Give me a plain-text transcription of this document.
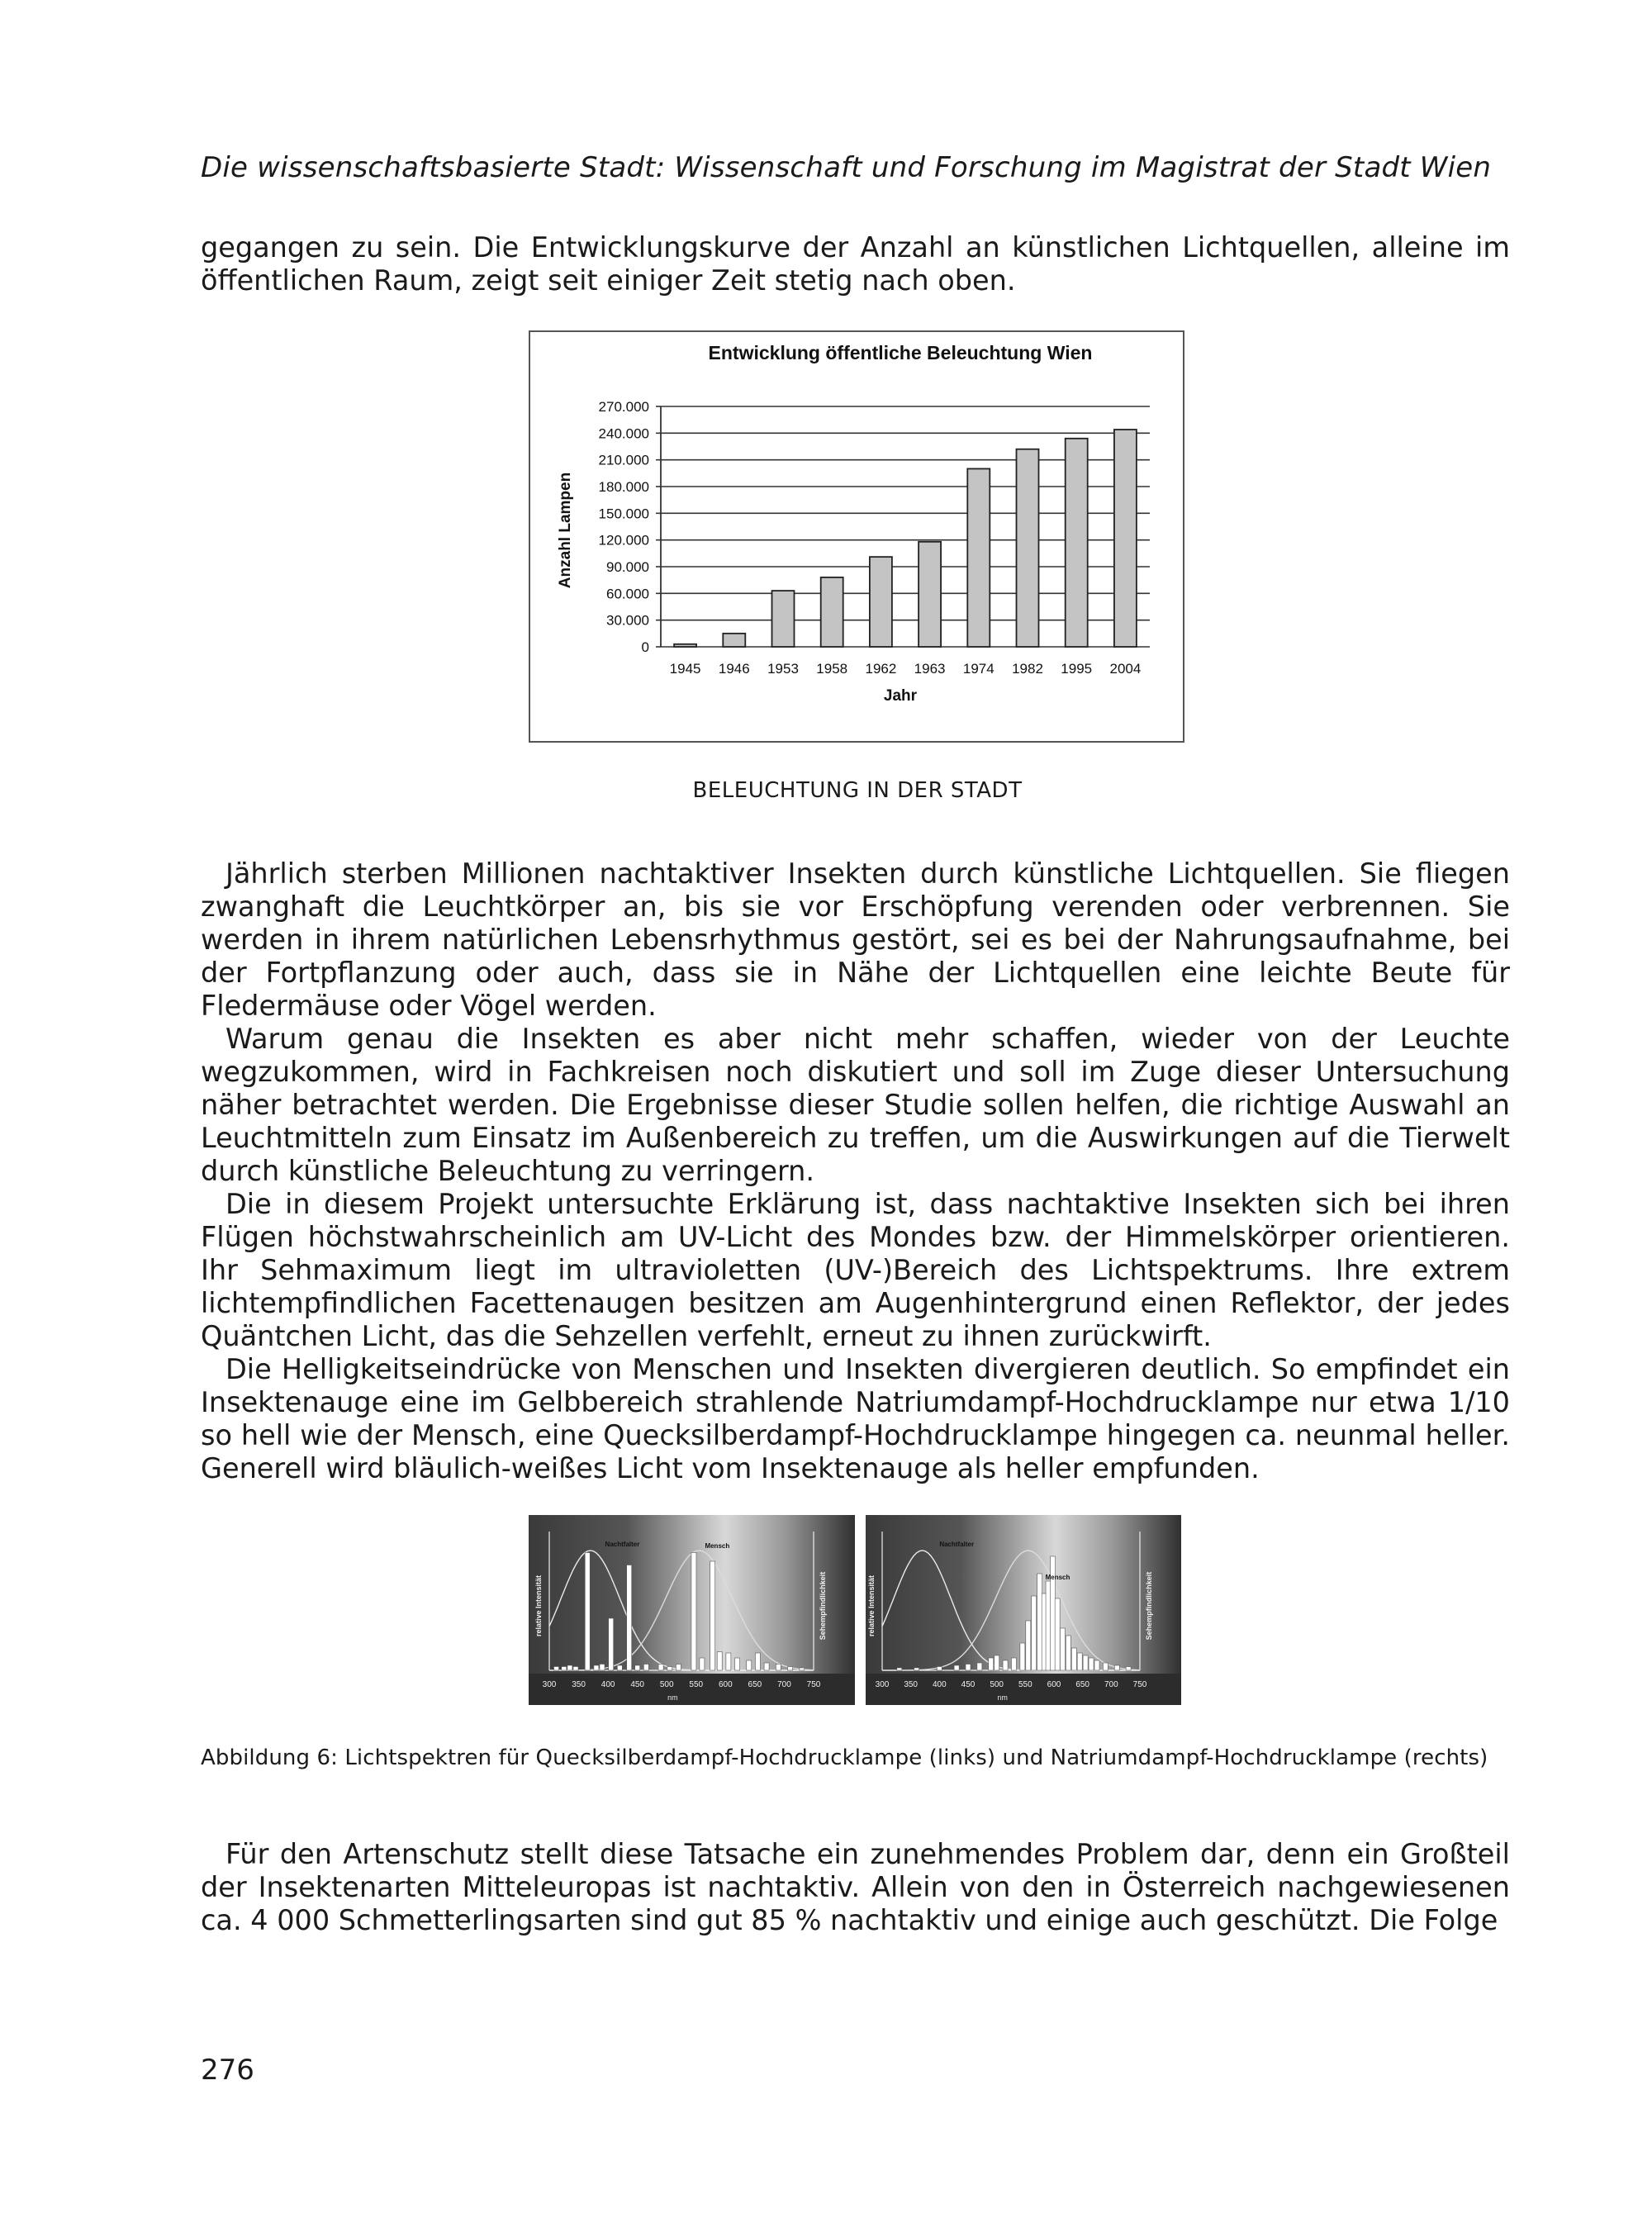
Die wissenschaftsbasierte Stadt: Wissenschaft und Forschung im Magistrat der Stadt Wien

gegangen zu sein. Die Entwicklungskurve der Anzahl an künstlichen Lichtquellen, alleine im öffentlichen Raum, zeigt seit einiger Zeit stetig nach oben.

Entwicklung öffentliche Beleuchtung Wien
0
30.000
60.000
90.000
120.000
150.000
180.000
210.000
240.000
270.000
1945 1946 1953 1958 1962 1963 1974 1982 1995 2004
Jahr
Anzahl Lampen
BELEUCHTUNG IN DER STADT

Jährlich sterben Millionen nachtaktiver Insekten durch künstliche Lichtquellen. Sie fliegen zwanghaft die Leuchtkörper an, bis sie vor Erschöpfung verenden oder verbrennen. Sie werden in ihrem natürlichen Lebensrhythmus gestört, sei es bei der Nahrungsaufnahme, bei der Fortpflanzung oder auch, dass sie in Nähe der Lichtquellen eine leichte Beute für Fledermäuse oder Vögel werden.

Warum genau die Insekten es aber nicht mehr schaffen, wieder von der Leuchte wegzukommen, wird in Fachkreisen noch diskutiert und soll im Zuge dieser Untersuchung näher betrachtet werden. Die Ergebnisse dieser Studie sollen helfen, die richtige Auswahl an Leuchtmitteln zum Einsatz im Außenbereich zu treffen, um die Auswirkungen auf die Tierwelt durch künstliche Beleuchtung zu verringern.

Die in diesem Projekt untersuchte Erklärung ist, dass nachtaktive Insekten sich bei ihren Flügen höchstwahrscheinlich am UV-Licht des Mondes bzw. der Himmelskörper orientieren. Ihr Sehmaximum liegt im ultravioletten (UV-)Bereich des Lichtspektrums. Ihre extrem lichtempfindlichen Facettenaugen besitzen am Augenhintergrund einen Reflektor, der jedes Quäntchen Licht, das die Sehzellen verfehlt, erneut zu ihnen zurückwirft.

Die Helligkeitseindrücke von Menschen und Insekten divergieren deutlich. So empfindet ein Insektenauge eine im Gelbbereich strahlende Natriumdampf-Hochdrucklampe nur etwa 1/10 so hell wie der Mensch, eine Quecksilberdampf-Hochdrucklampe hingegen ca. neunmal heller. Generell wird bläulich-weißes Licht vom Insektenauge als heller empfunden.

300 350 400 450 500 550 600 650 700 750
nm
relative Intensität	Sehempfindlichkeit
Nachtfalter	Mensch
300 350 400 450 500 550 600 650 700 750
nm
relative Intensität	Sehempfindlichkeit
Nachtfalter
Mensch
Abbildung 6: Lichtspektren für Quecksilberdampf-Hochdrucklampe (links) und Natriumdampf-Hochdrucklampe (rechts)

Für den Artenschutz stellt diese Tatsache ein zunehmendes Problem dar, denn ein Großteil der Insektenarten Mitteleuropas ist nachtaktiv. Allein von den in Österreich nachgewiesenen ca. 4 000 Schmetterlingsarten sind gut 85 % nachtaktiv und einige auch geschützt. Die Folge

276
